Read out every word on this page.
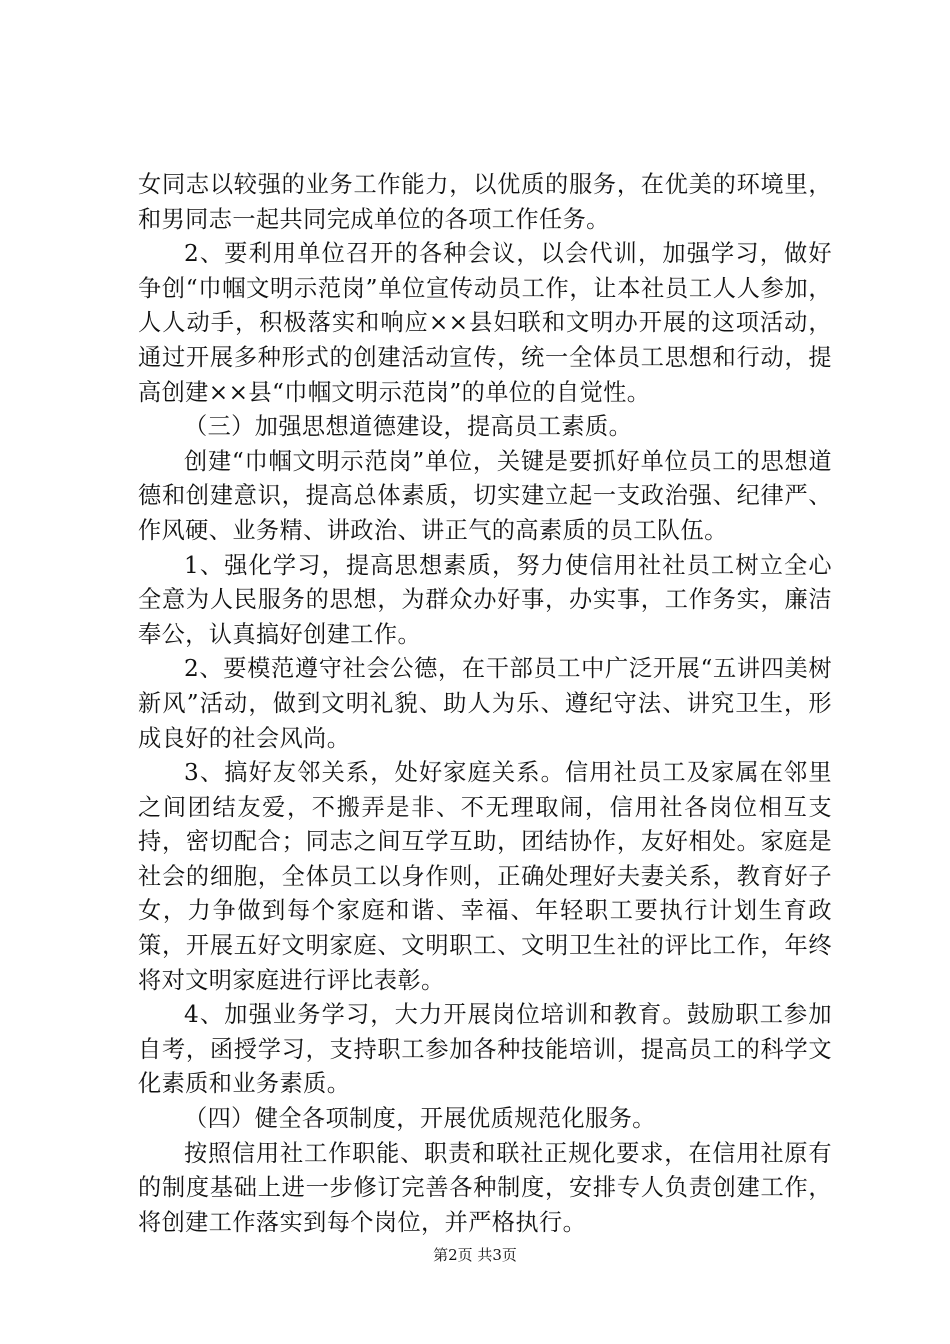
女同志以较强的业务工作能力，以优质的服务，在优美的环境里，和男同志一起共同完成单位的各项工作任务。

2、要利用单位召开的各种会议，以会代训，加强学习，做好争创“巾帼文明示范岗”单位宣传动员工作，让本社员工人人参加，人人动手，积极落实和响应××县妇联和文明办开展的这项活动，通过开展多种形式的创建活动宣传，统一全体员工思想和行动，提高创建××县“巾帼文明示范岗”的单位的自觉性。

（三）加强思想道德建设，提高员工素质。

创建“巾帼文明示范岗”单位，关键是要抓好单位员工的思想道德和创建意识，提高总体素质，切实建立起一支政治强、纪律严、作风硬、业务精、讲政治、讲正气的高素质的员工队伍。

1、强化学习，提高思想素质，努力使信用社社员工树立全心全意为人民服务的思想，为群众办好事，办实事，工作务实，廉洁奉公，认真搞好创建工作。

2、要模范遵守社会公德，在干部员工中广泛开展“五讲四美树新风”活动，做到文明礼貌、助人为乐、遵纪守法、讲究卫生，形成良好的社会风尚。

3、搞好友邻关系，处好家庭关系。信用社员工及家属在邻里之间团结友爱，不搬弄是非、不无理取闹，信用社各岗位相互支持，密切配合；同志之间互学互助，团结协作，友好相处。家庭是社会的细胞，全体员工以身作则，正确处理好夫妻关系，教育好子女，力争做到每个家庭和谐、幸福、年轻职工要执行计划生育政策，开展五好文明家庭、文明职工、文明卫生社的评比工作，年终将对文明家庭进行评比表彰。

4、加强业务学习，大力开展岗位培训和教育。鼓励职工参加自考，函授学习，支持职工参加各种技能培训，提高员工的科学文化素质和业务素质。

（四）健全各项制度，开展优质规范化服务。

按照信用社工作职能、职责和联社正规化要求，在信用社原有的制度基础上进一步修订完善各种制度，安排专人负责创建工作，将创建工作落实到每个岗位，并严格执行。

第2页 共3页
